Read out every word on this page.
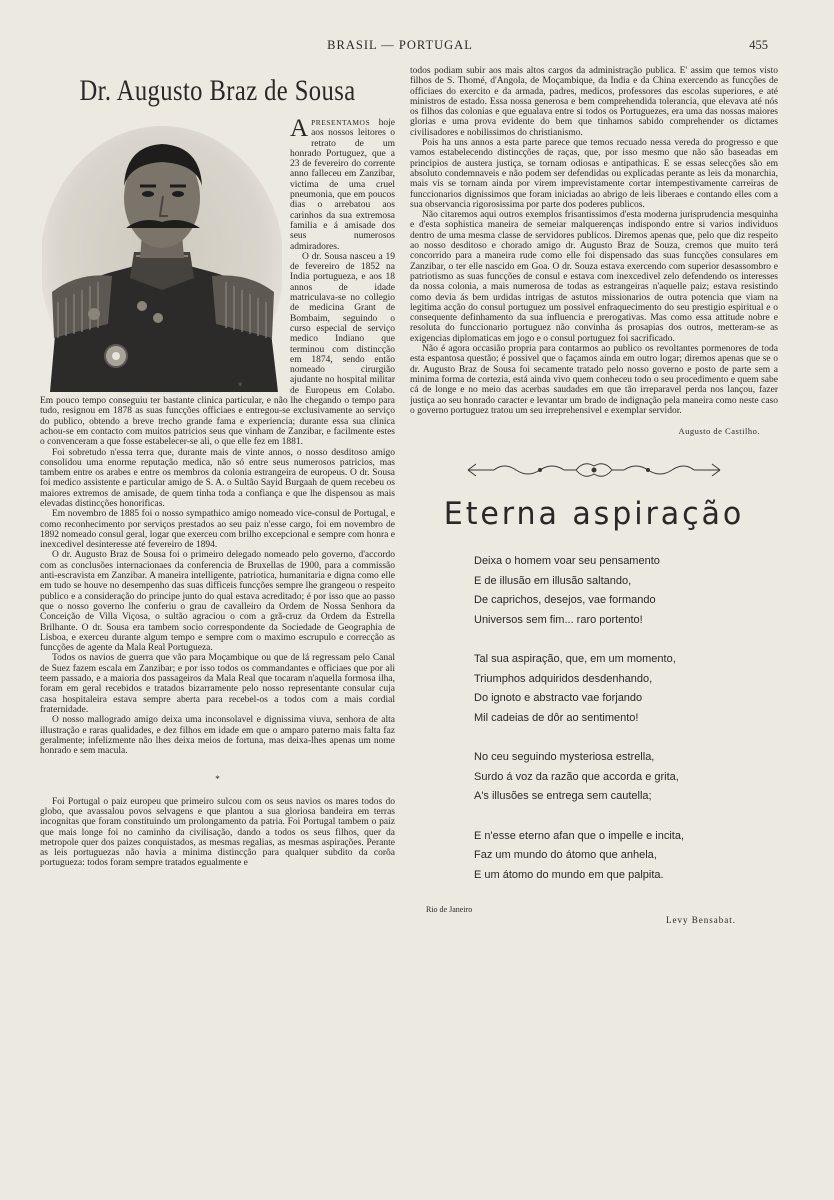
BRASIL — PORTUGAL	455
Dr. Augusto Braz de Sousa
✻

APRESENTAMOS hoje aos nossos leitores o retrato de um honrado Portuguez, que a 23 de fevereiro do corrente anno falleceu em Zanzibar, victima de uma cruel pneumonia, que em poucos dias o arrebatou aos carinhos da sua extremosa familia e á amisade dos seus numerosos admiradores.

O dr. Sousa nasceu a 19 de fevereiro de 1852 na India portugueza, e aos 18 annos de idade matriculava-se no collegio de medicina Grant de Bombaim, seguindo o curso especial de serviço medico Indiano que terminou com distincção em 1874, sendo então nomeado cirurgião ajudante no hospital militar de Europeus em Colabo. Em pouco tempo conseguiu ter bastante clinica particular, e não lhe chegando o tempo para tudo, resignou em 1878 as suas funcções officiaes e entregou-se exclusivamente ao serviço do publico, obtendo a breve trecho grande fama e experiencia; durante essa sua clinica achou-se em contacto com muitos patricios seus que vinham de Zanzibar, e facilmente estes o convenceram a que fosse estabelecer-se ali, o que elle fez em 1881.

Foi sobretudo n'essa terra que, durante mais de vinte annos, o nosso desditoso amigo consolidou uma enorme reputação medica, não só entre seus numerosos patricios, mas tambem entre os arabes e entre os membros da colonia estrangeira de europeus. O dr. Sousa foi medico assistente e particular amigo de S. A. o Sultão Sayid Burgaah de quem recebeu os maiores extremos de amisade, de quem tinha toda a confiança e que lhe dispensou as mais elevadas distincções honorificas.

Em novembro de 1885 foi o nosso sympathico amigo nomeado vice-consul de Portugal, e como reconhecimento por serviços prestados ao seu paiz n'esse cargo, foi em novembro de 1892 nomeado consul geral, logar que exerceu com brilho excepcional e sempre com honra e inexcedivel desinteresse até fevereiro de 1894.

O dr. Augusto Braz de Sousa foi o primeiro delegado nomeado pelo governo, d'accordo com as conclusões internacionaes da conferencia de Bruxellas de 1900, para a commissão anti-escravista em Zanzibar. A maneira intelligente, patriotica, humanitaria e digna como elle em tudo se houve no desempenho das suas difficeis funcções sempre lhe grangeou o respeito publico e a consideração do principe junto do qual estava acreditado; é por isso que ao passo que o nosso governo lhe conferiu o grau de cavalleiro da Ordem de Nossa Senhora da Conceição de Villa Viçosa, o sultão agraciou o com a grã-cruz da Ordem da Estrella Brilhante. O dr. Sousa era tambem socio correspondente da Sociedade de Geographia de Lisboa, e exerceu durante algum tempo e sempre com o maximo escrupulo e correcção as funcções de agente da Mala Real Portugueza.

Todos os navios de guerra que vão para Moçambique ou que de lá regressam pelo Canal de Suez fazem escala em Zanzibar; e por isso todos os commandantes e officiaes que por ali teem passado, e a maioria dos passageiros da Mala Real que tocaram n'aquella formosa ilha, foram em geral recebidos e tratados bizarramente pelo nosso representante consular cuja casa hospitaleira estava sempre aberta para recebel-os a todos com a mais cordial fraternidade.

O nosso mallogrado amigo deixa uma inconsolavel e dignissima viuva, senhora de alta illustração e raras qualidades, e dez filhos em idade em que o amparo paterno mais falta faz geralmente; infelizmente não lhes deixa meios de fortuna, mas deixa-lhes apenas um nome honrado e sem macula.

*

Foi Portugal o paiz europeu que primeiro sulcou com os seus navios os mares todos do globo, que avassalou povos selvagens e que plantou a sua gloriosa bandeira em terras incognitas que foram constituindo um prolongamento da patria. Foi Portugal tambem o paiz que mais longe foi no caminho da civilisação, dando a todos os seus filhos, quer da metropole quer dos paizes conquistados, as mesmas regalias, as mesmas aspirações. Perante as leis portuguezas não havia a minima distincção para qualquer subdito da corôa portugueza: todos foram sempre tratados egualmente e

todos podiam subir aos mais altos cargos da administração publica. E' assim que temos visto filhos de S. Thomé, d'Angola, de Moçambique, da India e da China exercendo as funcções de officiaes do exercito e da armada, padres, medicos, professores das escolas superiores, e até ministros de estado. Essa nossa generosa e bem comprehendida tolerancia, que elevava até nós os filhos das colonias e que egualava entre si todos os Portuguezes, era uma das nossas maiores glorias e uma prova evidente do bem que tinhamos sabido comprehender os dictames civilisadores e nobilissimos do christianismo.

Pois ha uns annos a esta parte parece que temos recuado nessa vereda do progresso e que vamos estabelecendo distincções de raças, que, por isso mesmo que não são baseadas em principios de austera justiça, se tornam odiosas e antipathicas. E se essas selecções são em absoluto condemnaveis e não podem ser defendidas ou explicadas perante as leis da monarchia, mais vis se tornam ainda por virem imprevistamente cortar intempestivamente carreiras de funccionarios dignissimos que foram iniciadas ao abrigo de leis liberaes e contando elles com a sua observancia rigorosissima por parte dos poderes publicos.

Não citaremos aqui outros exemplos frisantissimos d'esta moderna jurisprudencia mesquinha e d'esta sophistica maneira de semeiar malquerenças indispondo entre si varios individuos dentro de uma mesma classe de servidores publicos. Diremos apenas que, pelo que diz respeito ao nosso desditoso e chorado amigo dr. Augusto Braz de Souza, cremos que muito terá concorrido para a maneira rude como elle foi dispensado das suas funcções consulares em Zanzibar, o ter elle nascido em Goa. O dr. Souza estava exercendo com superior desassombro e patriotismo as suas funcções de consul e estava com inexcedivel zelo defendendo os interesses da nossa colonia, a mais numerosa de todas as estrangeiras n'aquelle paiz; estava resistindo como devia ás bem urdidas intrigas de astutos missionarios de outra potencia que viam na legitima acção do consul portuguez um possivel enfraquecimento do seu prestigio espiritual e o consequente definhamento da sua influencia e prerogativas. Mas como essa attitude nobre e resoluta do funccionario portuguez não convinha ás prosapias dos outros, metteram-se as exigencias diplomaticas em jogo e o consul portuguez foi sacrificado.

Não é agora occasião propria para contarmos ao publico os revoltantes pormenores de toda esta espantosa questão; é possivel que o façamos ainda em outro logar; diremos apenas que se o dr. Augusto Braz de Sousa foi secamente tratado pelo nosso governo e posto de parte sem a minima forma de cortezia, está ainda vivo quem conheceu todo o seu procedimento e quem sabe cá de longe e no meio das acerbas saudades em que tão irreparavel perda nos lançou, fazer justiça ao seu honrado caracter e levantar um brado de indignação pela maneira como neste caso o governo portuguez tratou um seu irreprehensivel e exemplar servidor.

Augusto de Castilho.
Eterna aspiração
Deixa o homem voar seu pensamento
E de illusão em illusão saltando,
De caprichos, desejos, vae formando
Universos sem fim... raro portento!
Tal sua aspiração, que, em um momento,
Triumphos adquiridos desdenhando,
Do ignoto e abstracto vae forjando
Mil cadeias de dôr ao sentimento!
No ceu seguindo mysteriosa estrella,
Surdo á voz da razão que accorda e grita,
A's illusões se entrega sem cautella;
E n'esse eterno afan que o impelle e incita,
Faz um mundo do átomo que anhela,
E um átomo do mundo em que palpita.
Rio de Janeiro
Levy Bensabat.
